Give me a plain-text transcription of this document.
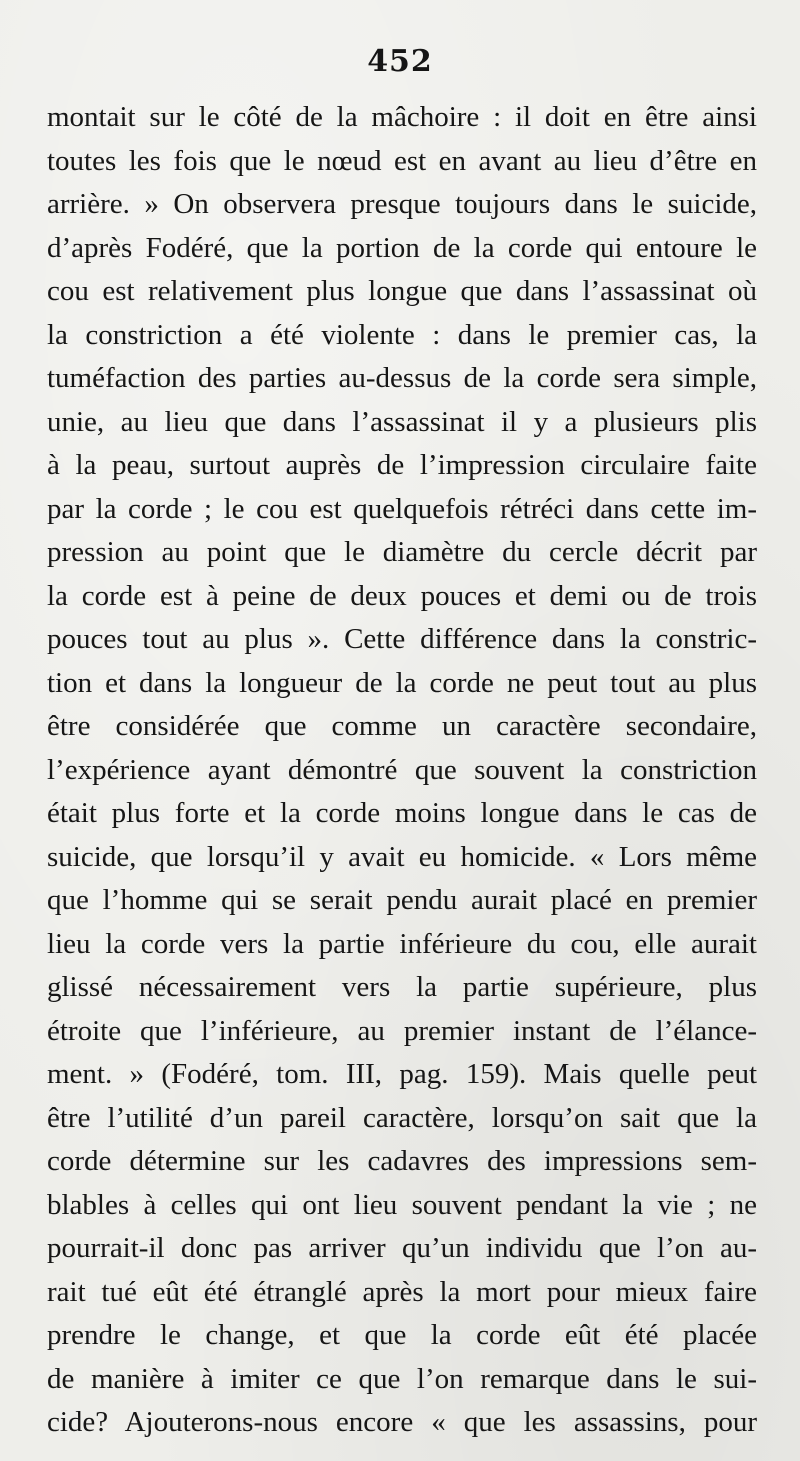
452
montait sur le côté de la mâchoire : il doit en être ainsi
toutes les fois que le nœud est en avant au lieu d’être en
arrière. » On observera presque toujours dans le suicide,
d’après Fodéré, que la portion de la corde qui entoure le
cou est relativement plus longue que dans l’assassinat où
la constriction a été violente : dans le premier cas, la
tuméfaction des parties au-dessus de la corde sera simple,
unie, au lieu que dans l’assassinat il y a plusieurs plis
à la peau, surtout auprès de l’impression circulaire faite
par la corde ; le cou est quelquefois rétréci dans cette im-
pression au point que le diamètre du cercle décrit par
la corde est à peine de deux pouces et demi ou de trois
pouces tout au plus ». Cette différence dans la constric-
tion et dans la longueur de la corde ne peut tout au plus
être considérée que comme un caractère secondaire,
l’expérience ayant démontré que souvent la constriction
était plus forte et la corde moins longue dans le cas de
suicide, que lorsqu’il y avait eu homicide. « Lors même
que l’homme qui se serait pendu aurait placé en premier
lieu la corde vers la partie inférieure du cou, elle aurait
glissé nécessairement vers la partie supérieure, plus
étroite que l’inférieure, au premier instant de l’élance-
ment. » (Fodéré, tom. III, pag. 159). Mais quelle peut
être l’utilité d’un pareil caractère, lorsqu’on sait que la
corde détermine sur les cadavres des impressions sem-
blables à celles qui ont lieu souvent pendant la vie ; ne
pourrait-il donc pas arriver qu’un individu que l’on au-
rait tué eût été étranglé après la mort pour mieux faire
prendre le change, et que la corde eût été placée
de manière à imiter ce que l’on remarque dans le sui-
cide? Ajouterons-nous encore « que les assassins, pour
